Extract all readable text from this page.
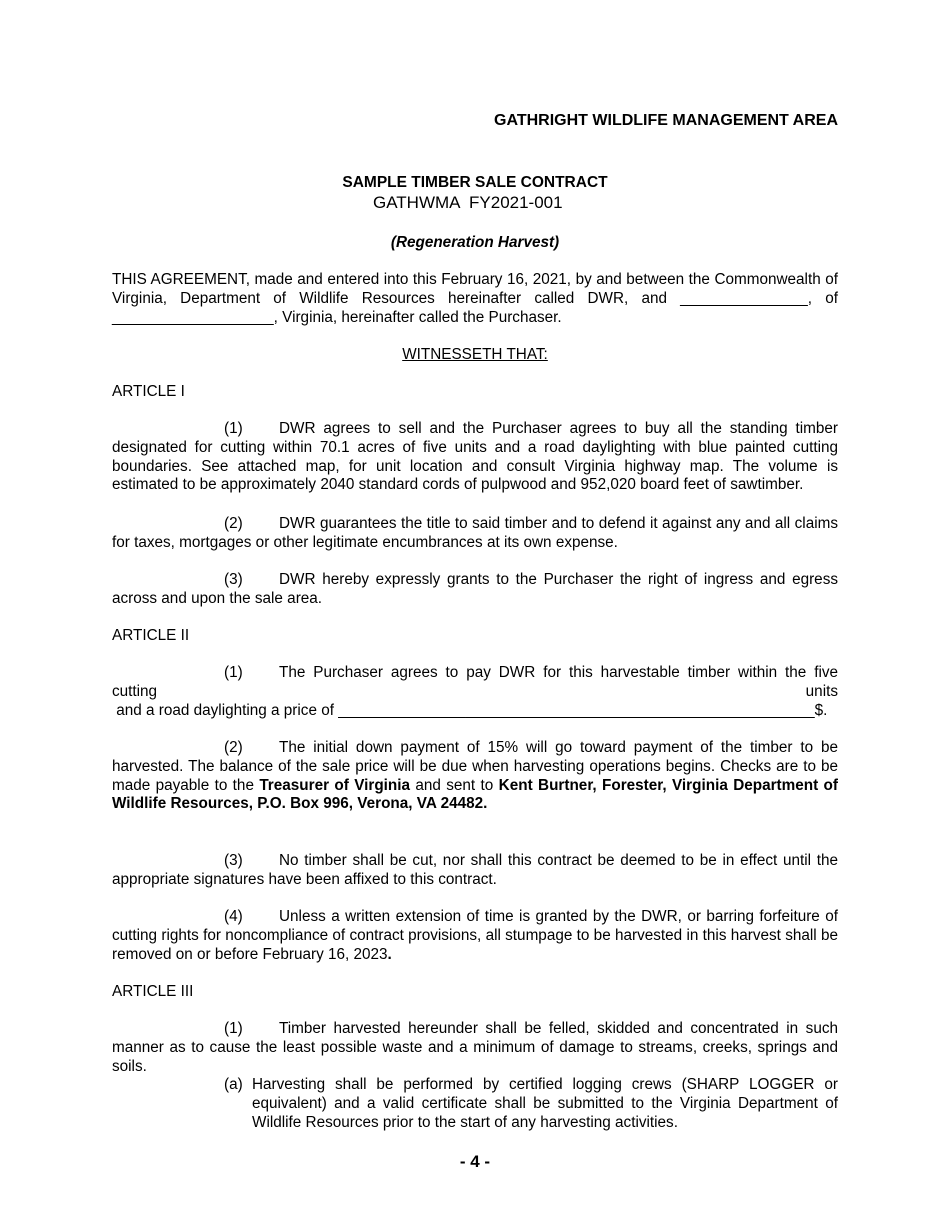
GATHRIGHT WILDLIFE MANAGEMENT AREA
SAMPLE TIMBER SALE CONTRACT
GATHWMA  FY2021-001
(Regeneration Harvest)
THIS AGREEMENT, made and entered into this February 16, 2021, by and between the Commonwealth of Virginia, Department of Wildlife Resources hereinafter called DWR, and _______________, of ___________________, Virginia, hereinafter called the Purchaser.
WITNESSETH THAT:
ARTICLE I
(1) DWR agrees to sell and the Purchaser agrees to buy all the standing timber designated for cutting within 70.1 acres of five units and a road daylighting with blue painted cutting boundaries. See attached map, for unit location and consult Virginia highway map. The volume is estimated to be approximately 2040 standard cords of pulpwood and 952,020 board feet of sawtimber.
(2) DWR guarantees the title to said timber and to defend it against any and all claims for taxes, mortgages or other legitimate encumbrances at its own expense.
(3) DWR hereby expressly grants to the Purchaser the right of ingress and egress across and upon the sale area.
ARTICLE II
(1) The Purchaser agrees to pay DWR for this harvestable timber within the five cutting units
and a road daylighting a price of ________________________________________________________$.
(2) The initial down payment of 15% will go toward payment of the timber to be harvested. The balance of the sale price will be due when harvesting operations begins. Checks are to be made payable to the Treasurer of Virginia and sent to Kent Burtner, Forester, Virginia Department of Wildlife Resources, P.O. Box 996, Verona, VA 24482.
(3) No timber shall be cut, nor shall this contract be deemed to be in effect until the appropriate signatures have been affixed to this contract.
(4) Unless a written extension of time is granted by the DWR, or barring forfeiture of cutting rights for noncompliance of contract provisions, all stumpage to be harvested in this harvest shall be removed on or before February 16, 2023.
ARTICLE III
(1) Timber harvested hereunder shall be felled, skidded and concentrated in such manner as to cause the least possible waste and a minimum of damage to streams, creeks, springs and soils.
(a) Harvesting shall be performed by certified logging crews (SHARP LOGGER or equivalent) and a valid certificate shall be submitted to the Virginia Department of Wildlife Resources prior to the start of any harvesting activities.
- 4 -
